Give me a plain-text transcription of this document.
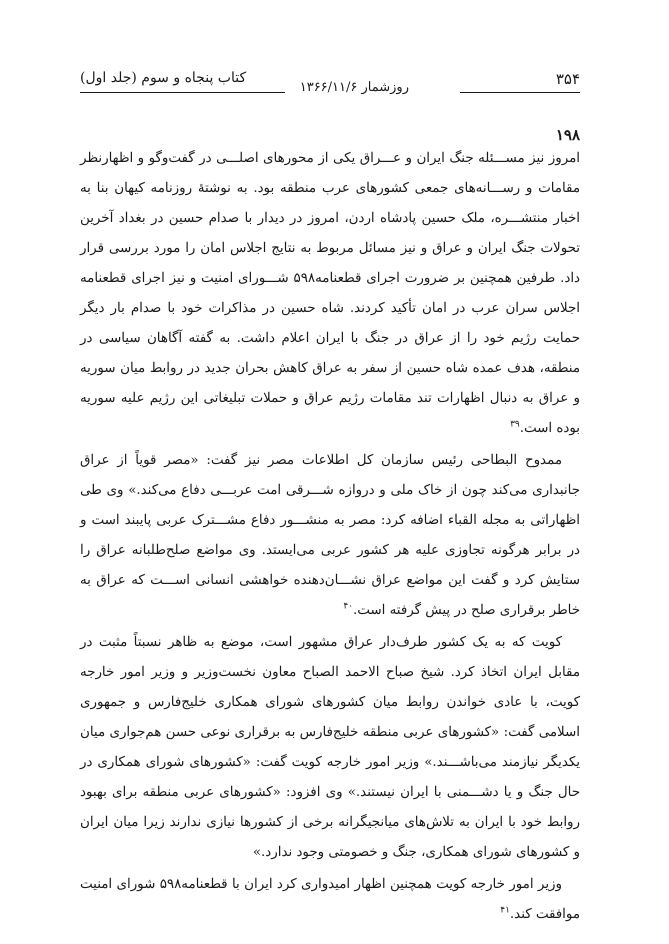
۳۵۴
روزشمار ۱۳۶۶/۱۱/۶
کتاب پنجاه و سوم (جلد اول)
۱۹۸

امروز نیز مســـئله جنگ ایران و عـــراق یکی از محورهای اصلـــی در گفت‌وگو و اظهارنظر مقامات و رســـانه‌های جمعی کشورهای عرب منطقه بود. به نوشتهٔ روزنامه کیهان بنا به اخبار منتشـــره، ملک حسین پادشاه اردن، امروز در دیدار با صدام حسین در بغداد آخرین تحولات جنگ ایران و عراق و نیز مسائل مربوط به نتایج اجلاس امان را مورد بررسی قرار داد. طرفین همچنین بر ضرورت اجرای قطعنامه۵۹۸ شـــورای امنیت و نیز اجرای قطعنامه اجلاس سران عرب در امان تأکید کردند. شاه حسین در مذاکرات خود با صدام بار دیگر حمایت رژیم خود را از عراق در جنگ با ایران اعلام داشت. به گفته آگاهان سیاسی در منطقه، هدف عمده شاه حسین از سفر به عراق کاهش بحران جدید در روابط میان سوریه و عراق به دنبال اظهارات تند مقامات رژیم عراق و حملات تبلیغاتی این رژیم علیه سوریه بوده است.$^{۳۹}$

ممدوح البطاحی رئیس سازمان کل اطلاعات مصر نیز گفت: «مصر قویاً از عراق جانبداری می‌کند چون از خاک ملی و دروازه شـــرقی امت عربـــی دفاع می‌کند.» وی طی اظهاراتی به مجله القبا‌ء اضافه کرد: مصر به منشـــور دفاع مشـــترک عربی پایبند است و در برابر هرگونه تجاوزی علیه هر کشور عربی می‌ایستد. وی مواضع صلح‌طلبانه عراق را ستایش کرد و گفت این مواضع عراق نشـــان‌دهنده خواهشی انسانی اســـت که عراق به خاطر برقراری صلح در پیش گرفته است.$^{۴۰}$

کویت که به یک کشور طرف‌دار عراق مشهور است، موضع به ظاهر نسبتاً مثبت در مقابل ایران اتخاذ کرد. شیخ صباح الاحمد الصباح معاون نخست‌وزیر و وزیر امور خارجه کویت، با عادی خواندن روابط میان کشورهای شورای همکاری خلیج‌فارس و جمهوری اسلامی گفت: «کشورهای عربی منطقه خلیج‌فارس به برقراری نوعی حسن هم‌جواری میان یکدیگر نیازمند می‌باشـــند.» وزیر امور خارجه کویت گفت: «کشورهای شورای همکاری در حال جنگ و یا دشـــمنی با ایران نیستند.» وی افزود: «کشورهای عربی منطقه برای بهبود روابط خود با ایران به تلاش‌های میانجیگرانه برخی از کشورها نیازی ندارند زیرا میان ایران و کشورهای شورای همکاری، جنگ و خصومتی وجود ندارد.»

وزیر امور خارجه کویت همچنین اظهار امیدواری کرد ایران با قطعنامه۵۹۸ شورای امنیت موافقت کند.$^{۴۱}$
